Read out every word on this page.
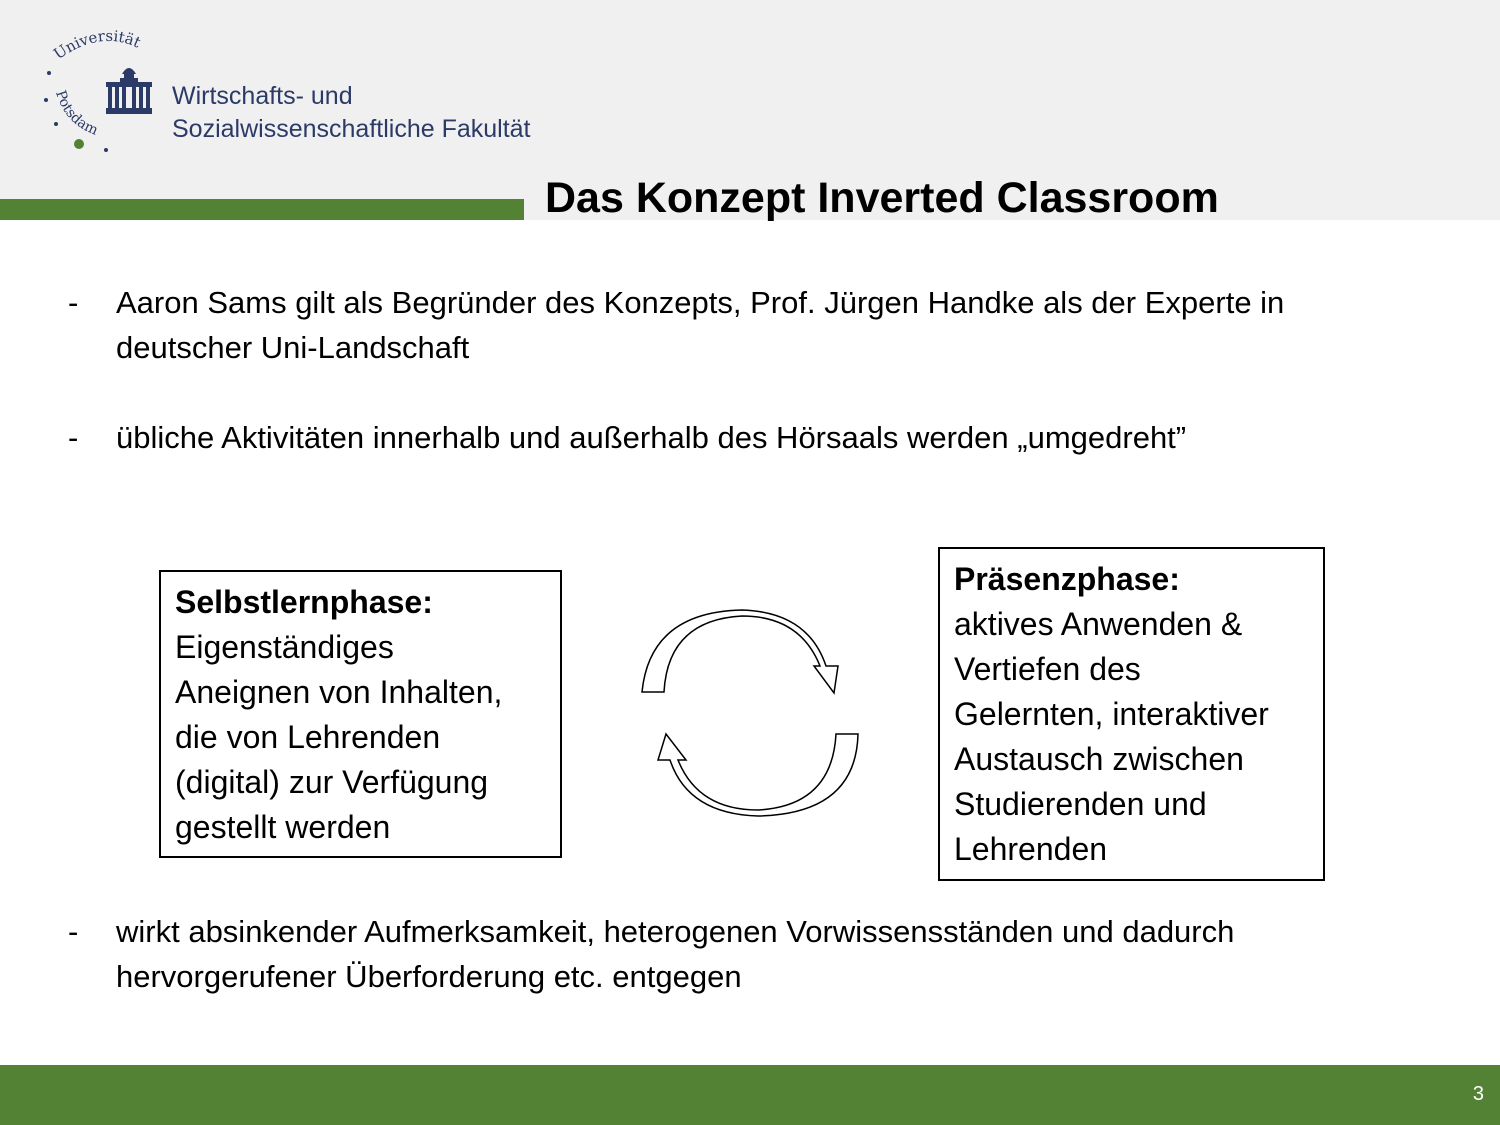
Universität
Potsdam
Wirtschafts- und
Sozialwissenschaftliche Fakultät
Das Konzept Inverted Classroom
- Aaron Sams gilt als Begründer des Konzepts, Prof. Jürgen Handke als der Experte in deutscher Uni-Landschaft
- übliche Aktivitäten innerhalb und außerhalb des Hörsaals werden „umgedreht”
Selbstlernphase:
Eigenständiges
Aneignen von Inhalten,
die von Lehrenden
(digital) zur Verfügung
gestellt werden
Präsenzphase:
aktives Anwenden &
Vertiefen des
Gelernten, interaktiver
Austausch zwischen
Studierenden und
Lehrenden
- wirkt absinkender Aufmerksamkeit, heterogenen Vorwissensständen und dadurch hervorgerufener Überforderung etc. entgegen
3
